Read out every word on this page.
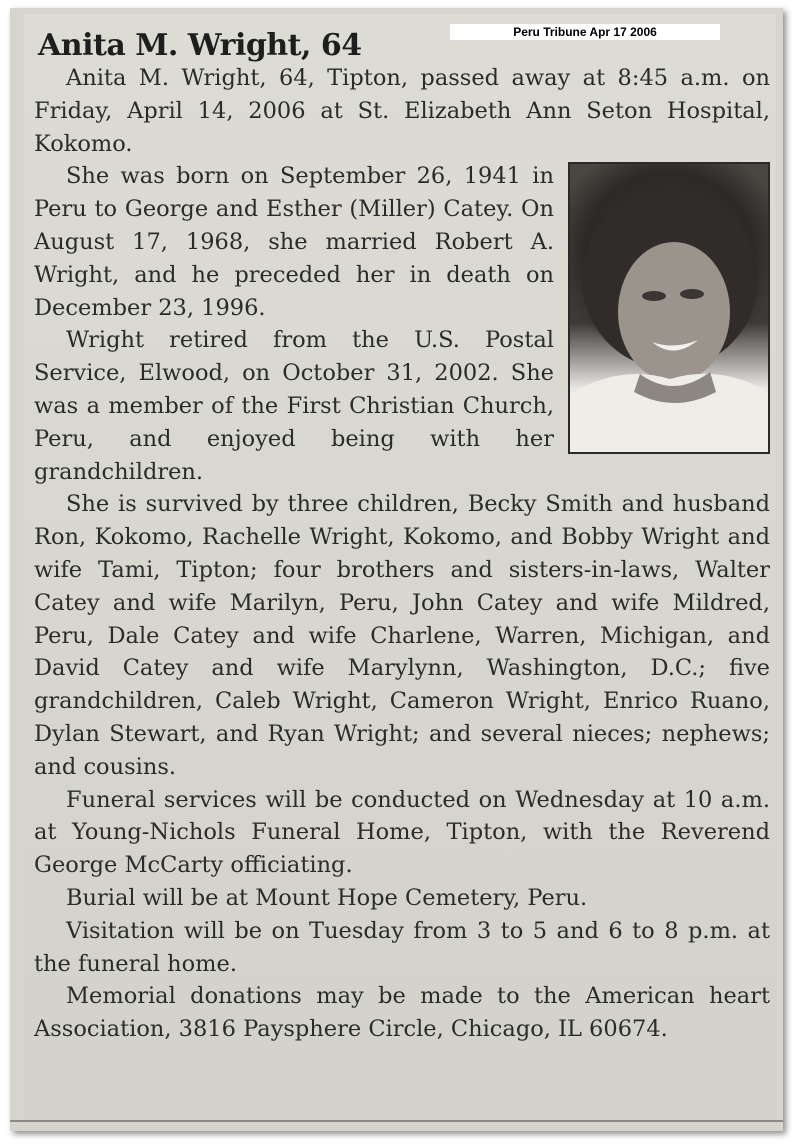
Peru Tribune Apr 17 2006
Anita M. Wright, 64

Anita M. Wright, 64, Tipton, passed away at 8:45 a.m. on Friday, April 14, 2006 at St. Elizabeth Ann Seton Hospital, Kokomo.

She was born on September 26, 1941 in Peru to George and Esther (Miller) Catey. On August 17, 1968, she married Robert A. Wright, and he preceded her in death on December 23, 1996.

Wright retired from the U.S. Postal Service, Elwood, on October 31, 2002. She was a member of the First Christian Church, Peru, and enjoyed being with her grandchildren.

She is survived by three children, Becky Smith and husband Ron, Kokomo, Rachelle Wright, Kokomo, and Bobby Wright and wife Tami, Tipton; four brothers and sisters-in-laws, Walter Catey and wife Marilyn, Peru, John Catey and wife Mildred, Peru, Dale Catey and wife Charlene, Warren, Michigan, and David Catey and wife Marylynn, Washington, D.C.; five grandchildren, Caleb Wright, Cameron Wright, Enrico Ruano, Dylan Stewart, and Ryan Wright; and several nieces; nephews; and cousins.

Funeral services will be conducted on Wednesday at 10 a.m. at Young-Nichols Funeral Home, Tipton, with the Reverend George McCarty officiating.

Burial will be at Mount Hope Cemetery, Peru.

Visitation will be on Tuesday from 3 to 5 and 6 to 8 p.m. at the funeral home.

Memorial donations may be made to the American heart Association, 3816 Paysphere Circle, Chicago, IL 60674.
